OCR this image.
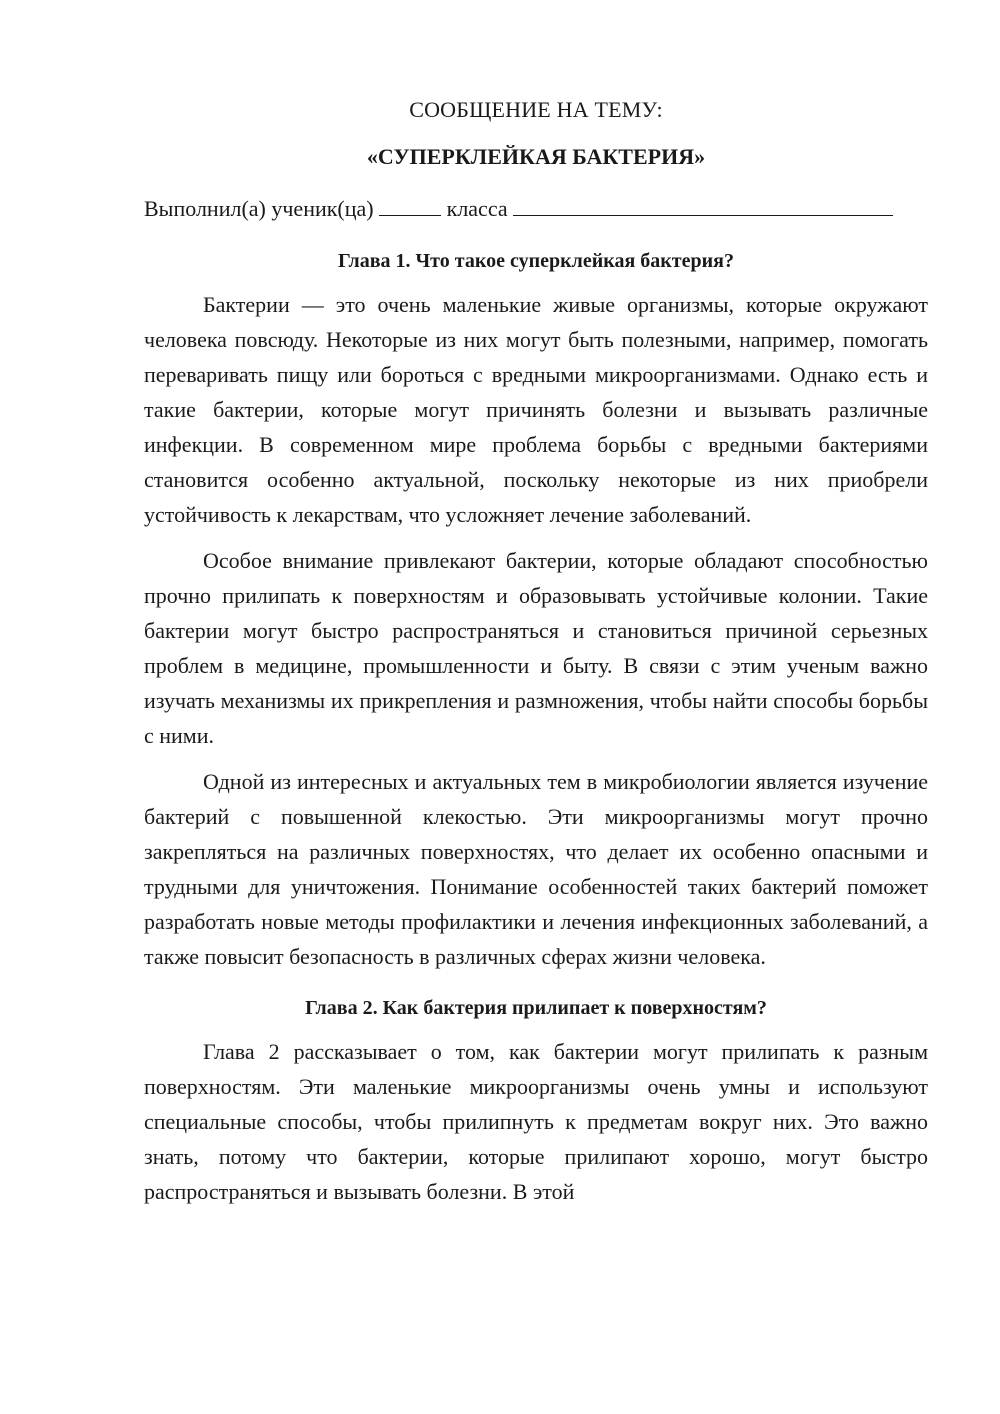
СООБЩЕНИЕ НА ТЕМУ:

«СУПЕРКЛЕЙКАЯ БАКТЕРИЯ»

Выполнил(а) ученик(ца)	класса

Глава 1. Что такое суперклейкая бактерия?

Бактерии — это очень маленькие живые организмы, которые окружают человека повсюду. Некоторые из них могут быть полезными, например, помогать переваривать пищу или бороться с вредными микроорганизмами. Однако есть и такие бактерии, которые могут причинять болезни и вызывать различные инфекции. В современном мире проблема борьбы с вредными бактериями становится особенно актуальной, поскольку некоторые из них приобрели устойчивость к лекарствам, что усложняет лечение заболеваний.

Особое внимание привлекают бактерии, которые обладают способностью прочно прилипать к поверхностям и образовывать устойчивые колонии. Такие бактерии могут быстро распространяться и становиться причиной серьезных проблем в медицине, промышленности и быту. В связи с этим ученым важно изучать механизмы их прикрепления и размножения, чтобы найти способы борьбы с ними.

Одной из интересных и актуальных тем в микробиологии является изучение бактерий с повышенной клекостью. Эти микроорганизмы могут прочно закрепляться на различных поверхностях, что делает их особенно опасными и трудными для уничтожения. Понимание особенностей таких бактерий поможет разработать новые методы профилактики и лечения инфекционных заболеваний, а также повысит безопасность в различных сферах жизни человека.

Глава 2. Как бактерия прилипает к поверхностям?

Глава 2 рассказывает о том, как бактерии могут прилипать к разным поверхностям. Эти маленькие микроорганизмы очень умны и используют специальные способы, чтобы прилипнуть к предметам вокруг них. Это важно знать, потому что бактерии, которые прилипают хорошо, могут быстро распространяться и вызывать болезни. В этой
